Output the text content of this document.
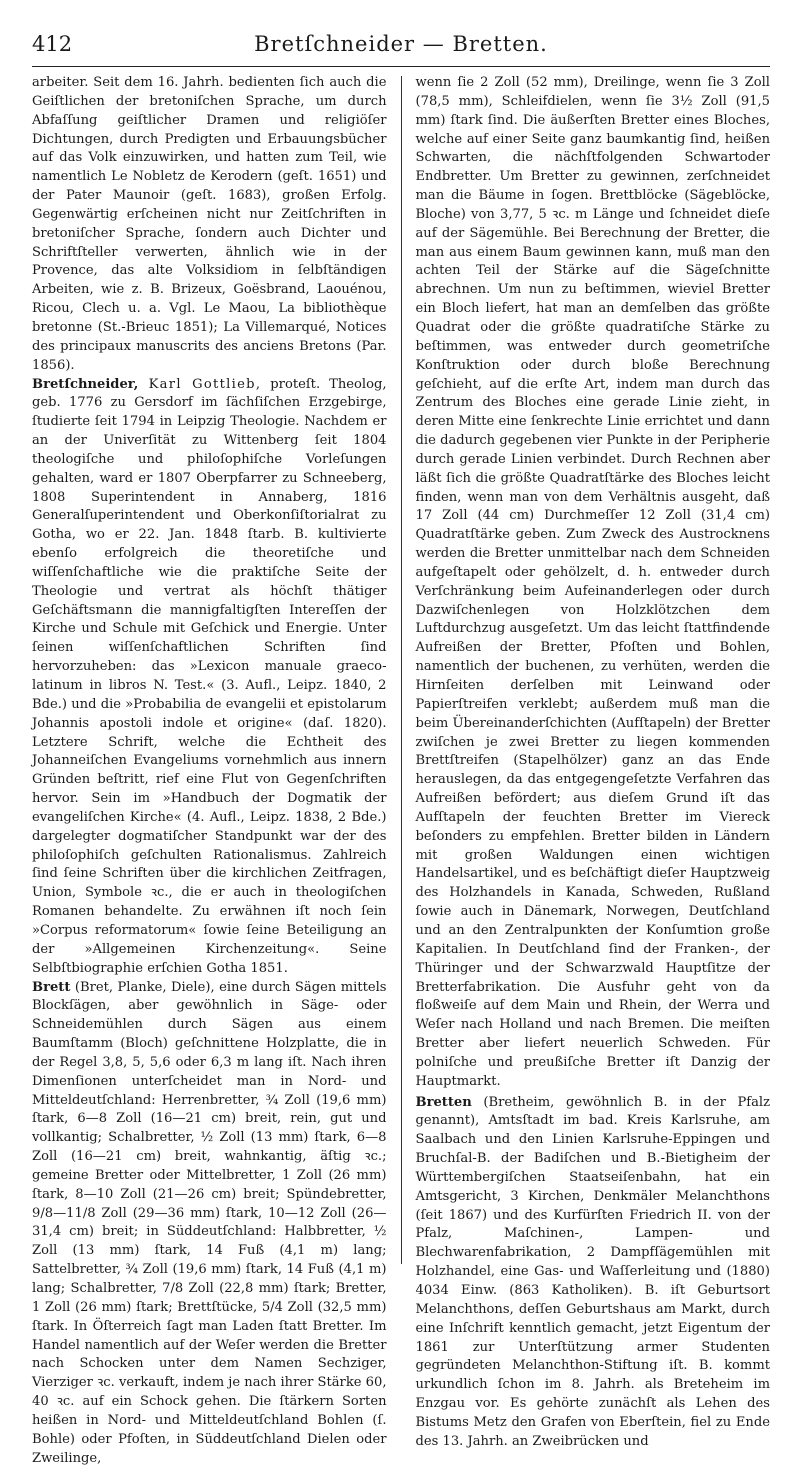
412	Bretſchneider — Bretten.

arbeiter. Seit dem 16. Jahrh. bedienten ſich auch die Geiſtlichen der bretoniſchen Sprache, um durch Abfaſſung geiſtlicher Dramen und religiöſer Dichtungen, durch Predigten und Erbauungsbücher auf das Volk einzuwirken, und hatten zum Teil, wie namentlich Le Nobletz de Kerodern (geſt. 1651) und der Pater Maunoir (geſt. 1683), großen Erfolg. Gegenwärtig erſcheinen nicht nur Zeitſchriften in bretoniſcher Sprache, ſondern auch Dichter und Schriftſteller verwerten, ähnlich wie in der Provence, das alte Volksidiom in ſelbſtändigen Arbeiten, wie z. B. Brizeux, Goësbrand, Laouénou, Ricou, Clech u. a. Vgl. Le Maou, La bibliothèque bretonne (St.-Brieuc 1851); La Villemarqué, Notices des principaux manuscrits des anciens Bretons (Par. 1856).

Bretſchneider, Karl Gottlieb, proteſt. Theolog, geb. 1776 zu Gersdorf im ſächſiſchen Erzgebirge, ſtudierte ſeit 1794 in Leipzig Theologie. Nachdem er an der Univerſität zu Wittenberg ſeit 1804 theologiſche und philoſophiſche Vorleſungen gehalten, ward er 1807 Oberpfarrer zu Schneeberg, 1808 Superintendent in Annaberg, 1816 Generalſuperintendent und Oberkonſiſtorialrat zu Gotha, wo er 22. Jan. 1848 ſtarb. B. kultivierte ebenſo erfolgreich die theoretiſche und wiſſenſchaftliche wie die praktiſche Seite der Theologie und vertrat als höchſt thätiger Geſchäftsmann die mannigfaltigſten Intereſſen der Kirche und Schule mit Geſchick und Energie. Unter ſeinen wiſſenſchaftlichen Schriften ſind hervorzuheben: das »Lexicon manuale graeco-latinum in libros N. Test.« (3. Aufl., Leipz. 1840, 2 Bde.) und die »Probabilia de evangelii et epistolarum Johannis apostoli indole et origine« (daſ. 1820). Letztere Schrift, welche die Echtheit des Johanneiſchen Evangeliums vornehmlich aus innern Gründen beſtritt, rief eine Flut von Gegenſchriften hervor. Sein im »Handbuch der Dogmatik der evangeliſchen Kirche« (4. Aufl., Leipz. 1838, 2 Bde.) dargelegter dogmatiſcher Standpunkt war der des philoſophiſch geſchulten Rationalismus. Zahlreich ſind ſeine Schriften über die kirchlichen Zeitfragen, Union, Symbole ꝛc., die er auch in theologiſchen Romanen behandelte. Zu erwähnen iſt noch ſein »Corpus reformatorum« ſowie ſeine Beteiligung an der »Allgemeinen Kirchenzeitung«. Seine Selbſtbiographie erſchien Gotha 1851.

Brett (Bret, Planke, Diele), eine durch Sägen mittels Blockſägen, aber gewöhnlich in Säge- oder Schneidemühlen durch Sägen aus einem Baumſtamm (Bloch) geſchnittene Holzplatte, die in der Regel 3,8, 5, 5,6 oder 6,3 m lang iſt. Nach ihren Dimenſionen unterſcheidet man in Nord- und Mitteldeutſchland: Herrenbretter, ¾ Zoll (19,6 mm) ſtark, 6—8 Zoll (16—21 cm) breit, rein, gut und vollkantig; Schalbretter, ½ Zoll (13 mm) ſtark, 6—8 Zoll (16—21 cm) breit, wahnkantig, äſtig ꝛc.; gemeine Bretter oder Mittelbretter, 1 Zoll (26 mm) ſtark, 8—10 Zoll (21—26 cm) breit; Spündebretter, 9/8—11/8 Zoll (29—36 mm) ſtark, 10—12 Zoll (26—31,4 cm) breit; in Süddeutſchland: Halbbretter, ½ Zoll (13 mm) ſtark, 14 Fuß (4,1 m) lang; Sattelbretter, ¾ Zoll (19,6 mm) ſtark, 14 Fuß (4,1 m) lang; Schalbretter, 7/8 Zoll (22,8 mm) ſtark; Bretter, 1 Zoll (26 mm) ſtark; Brettſtücke, 5/4 Zoll (32,5 mm) ſtark. In Öſterreich ſagt man Laden ſtatt Bretter. Im Handel namentlich auf der Weſer werden die Bretter nach Schocken unter dem Namen Sechziger, Vierziger ꝛc. verkauft, indem je nach ihrer Stärke 60, 40 ꝛc. auf ein Schock gehen. Die ſtärkern Sorten heißen in Nord- und Mitteldeutſchland Bohlen (ſ. Bohle) oder Pfoſten, in Süddeutſchland Dielen oder Zweilinge,

wenn ſie 2 Zoll (52 mm), Dreilinge, wenn ſie 3 Zoll (78,5 mm), Schleifdielen, wenn ſie 3½ Zoll (91,5 mm) ſtark ſind. Die äußerſten Bretter eines Bloches, welche auf einer Seite ganz baumkantig ſind, heißen Schwarten, die nächſtfolgenden Schwartoder Endbretter. Um Bretter zu gewinnen, zerſchneidet man die Bäume in ſogen. Brettblöcke (Sägeblöcke, Bloche) von 3,77, 5 ꝛc. m Länge und ſchneidet dieſe auf der Sägemühle. Bei Berechnung der Bretter, die man aus einem Baum gewinnen kann, muß man den achten Teil der Stärke auf die Sägeſchnitte abrechnen. Um nun zu beſtimmen, wieviel Bretter ein Bloch liefert, hat man an demſelben das größte Quadrat oder die größte quadratiſche Stärke zu beſtimmen, was entweder durch geometriſche Konſtruktion oder durch bloße Berechnung geſchieht, auf die erſte Art, indem man durch das Zentrum des Bloches eine gerade Linie zieht, in deren Mitte eine ſenkrechte Linie errichtet und dann die dadurch gegebenen vier Punkte in der Peripherie durch gerade Linien verbindet. Durch Rechnen aber läßt ſich die größte Quadratſtärke des Bloches leicht finden, wenn man von dem Verhältnis ausgeht, daß 17 Zoll (44 cm) Durchmeſſer 12 Zoll (31,4 cm) Quadratſtärke geben. Zum Zweck des Austrocknens werden die Bretter unmittelbar nach dem Schneiden aufgeſtapelt oder gehölzelt, d. h. entweder durch Verſchränkung beim Aufeinanderlegen oder durch Dazwiſchenlegen von Holzklötzchen dem Luftdurchzug ausgeſetzt. Um das leicht ſtattfindende Aufreißen der Bretter, Pfoſten und Bohlen, namentlich der buchenen, zu verhüten, werden die Hirnſeiten derſelben mit Leinwand oder Papierſtreifen verklebt; außerdem muß man die beim Übereinanderſchichten (Aufſtapeln) der Bretter zwiſchen je zwei Bretter zu liegen kommenden Brettſtreifen (Stapelhölzer) ganz an das Ende herauslegen, da das entgegengeſetzte Verfahren das Aufreißen befördert; aus dieſem Grund iſt das Aufſtapeln der feuchten Bretter im Viereck beſonders zu empfehlen. Bretter bilden in Ländern mit großen Waldungen einen wichtigen Handelsartikel, und es beſchäftigt dieſer Hauptzweig des Holzhandels in Kanada, Schweden, Rußland ſowie auch in Dänemark, Norwegen, Deutſchland und an den Zentralpunkten der Konſumtion große Kapitalien. In Deutſchland ſind der Franken-, der Thüringer und der Schwarzwald Hauptſitze der Bretterfabrikation. Die Ausfuhr geht von da floßweiſe auf dem Main und Rhein, der Werra und Weſer nach Holland und nach Bremen. Die meiſten Bretter aber liefert neuerlich Schweden. Für polniſche und preußiſche Bretter iſt Danzig der Hauptmarkt.

Bretten (Bretheim, gewöhnlich B. in der Pfalz genannt), Amtsſtadt im bad. Kreis Karlsruhe, am Saalbach und den Linien Karlsruhe-Eppingen und Bruchſal-B. der Badiſchen und B.-Bietigheim der Württembergiſchen Staatseiſenbahn, hat ein Amtsgericht, 3 Kirchen, Denkmäler Melanchthons (ſeit 1867) und des Kurfürſten Friedrich II. von der Pfalz, Maſchinen-, Lampen- und Blechwarenfabrikation, 2 Dampfſägemühlen mit Holzhandel, eine Gas- und Waſſerleitung und (1880) 4034 Einw. (863 Katholiken). B. iſt Geburtsort Melanchthons, deſſen Geburtshaus am Markt, durch eine Inſchrift kenntlich gemacht, jetzt Eigentum der 1861 zur Unterſtützung armer Studenten gegründeten Melanchthon-Stiftung iſt. B. kommt urkundlich ſchon im 8. Jahrh. als Breteheim im Enzgau vor. Es gehörte zunächſt als Lehen des Bistums Metz den Grafen von Eberſtein, fiel zu Ende des 13. Jahrh. an Zweibrücken und
